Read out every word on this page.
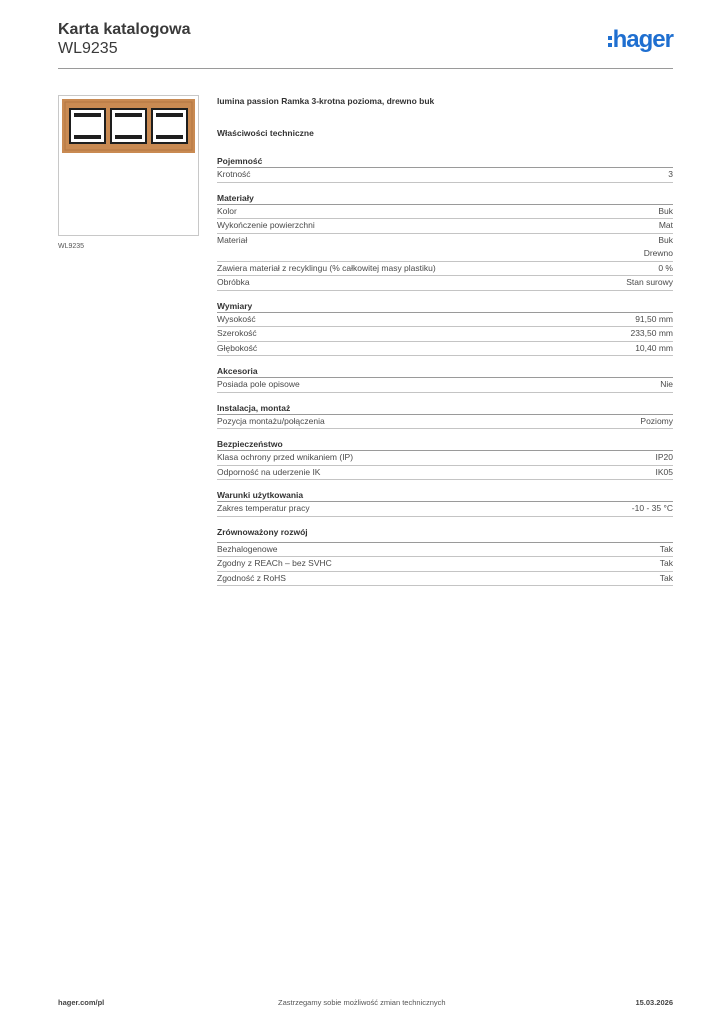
Karta katalogowa
WL9235	hager
WL9235
lumina passion Ramka 3-krotna pozioma, drewno buk
Właściwości techniczne
Pojemność
Krotność	3
Materiały
Kolor	Buk
Wykończenie powierzchni	Mat
Materiał	Buk
Drewno
Zawiera materiał z recyklingu (% całkowitej masy plastiku)	0 %
Obróbka	Stan surowy
Wymiary
Wysokość	91,50 mm
Szerokość	233,50 mm
Głębokość	10,40 mm
Akcesoria
Posiada pole opisowe	Nie
Instalacja, montaż
Pozycja montażu/połączenia	Poziomy
Bezpieczeństwo
Klasa ochrony przed wnikaniem (IP)	IP20
Odporność na uderzenie IK	IK05
Warunki użytkowania
Zakres temperatur pracy	-10 - 35 °C
Zrównoważony rozwój
Bezhalogenowe	Tak
Zgodny z REACh – bez SVHC	Tak
Zgodność z RoHS	Tak
hager.com/pl	Zastrzegamy sobie możliwość zmian technicznych	15.03.2026
